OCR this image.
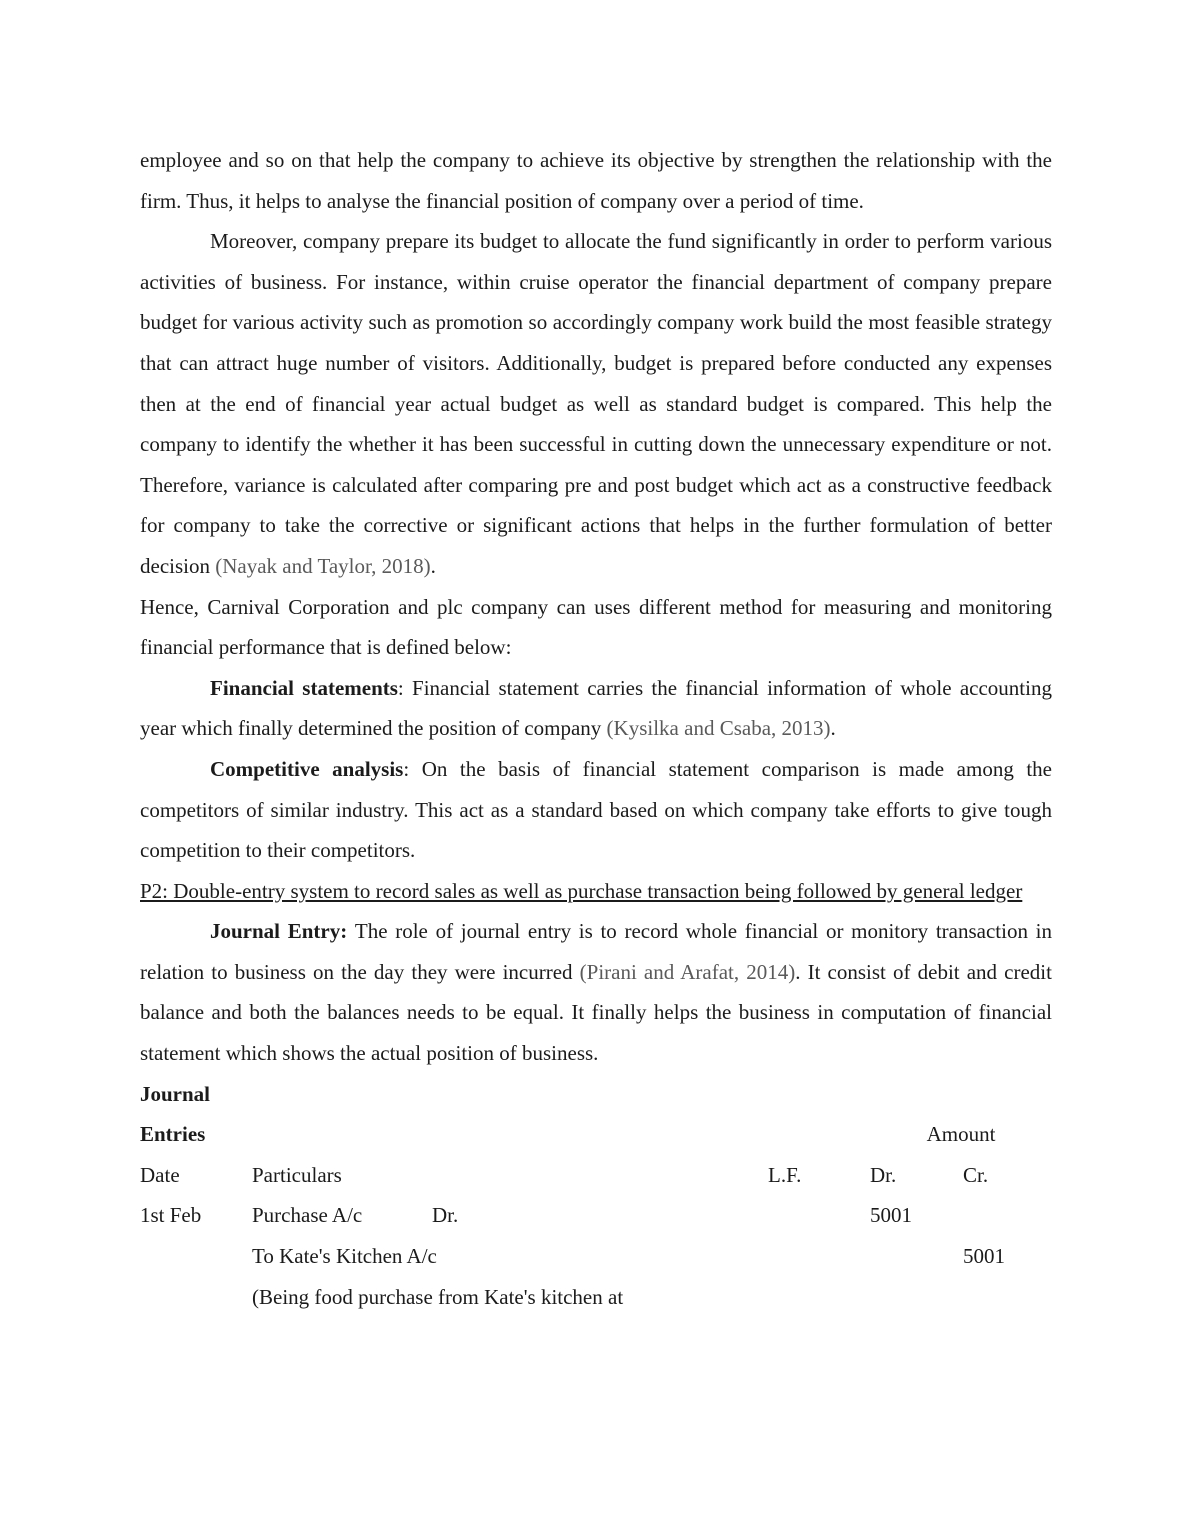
employee and so on that help the company to achieve its objective by strengthen the relationship with the firm. Thus, it helps to analyse the financial position of company over a period of time.

Moreover, company prepare its budget to allocate the fund significantly in order to perform various activities of business. For instance, within cruise operator the financial department of company prepare budget for various activity such as promotion so accordingly company work build the most feasible strategy that can attract huge number of visitors. Additionally, budget is prepared before conducted any expenses then at the end of financial year actual budget as well as standard budget is compared. This help the company to identify the whether it has been successful in cutting down the unnecessary expenditure or not. Therefore, variance is calculated after comparing pre and post budget which act as a constructive feedback for company to take the corrective or significant actions that helps in the further formulation of better decision (Nayak and Taylor, 2018).

Hence, Carnival Corporation and plc company can uses different method for measuring and monitoring financial performance that is defined below:

Financial statements: Financial statement carries the financial information of whole accounting year which finally determined the position of company (Kysilka and Csaba, 2013).

Competitive analysis: On the basis of financial statement comparison is made among the competitors of similar industry. This act as a standard based on which company take efforts to give tough competition to their competitors.

P2: Double-entry system to record sales as well as purchase transaction being followed by general ledger

Journal Entry: The role of journal entry is to record whole financial or monitory transaction in relation to business on the day they were incurred (Pirani and Arafat, 2014). It consist of debit and credit balance and both the balances needs to be equal. It finally helps the business in computation of financial statement which shows the actual position of business.

Journal				
Entries			Amount	
Date	Particulars	L.F.	Dr.	Cr.
1st Feb	Purchase A/c Dr.		5001	
	To Kate's Kitchen A/c			5001
	(Being food purchase from Kate's kitchen at			
